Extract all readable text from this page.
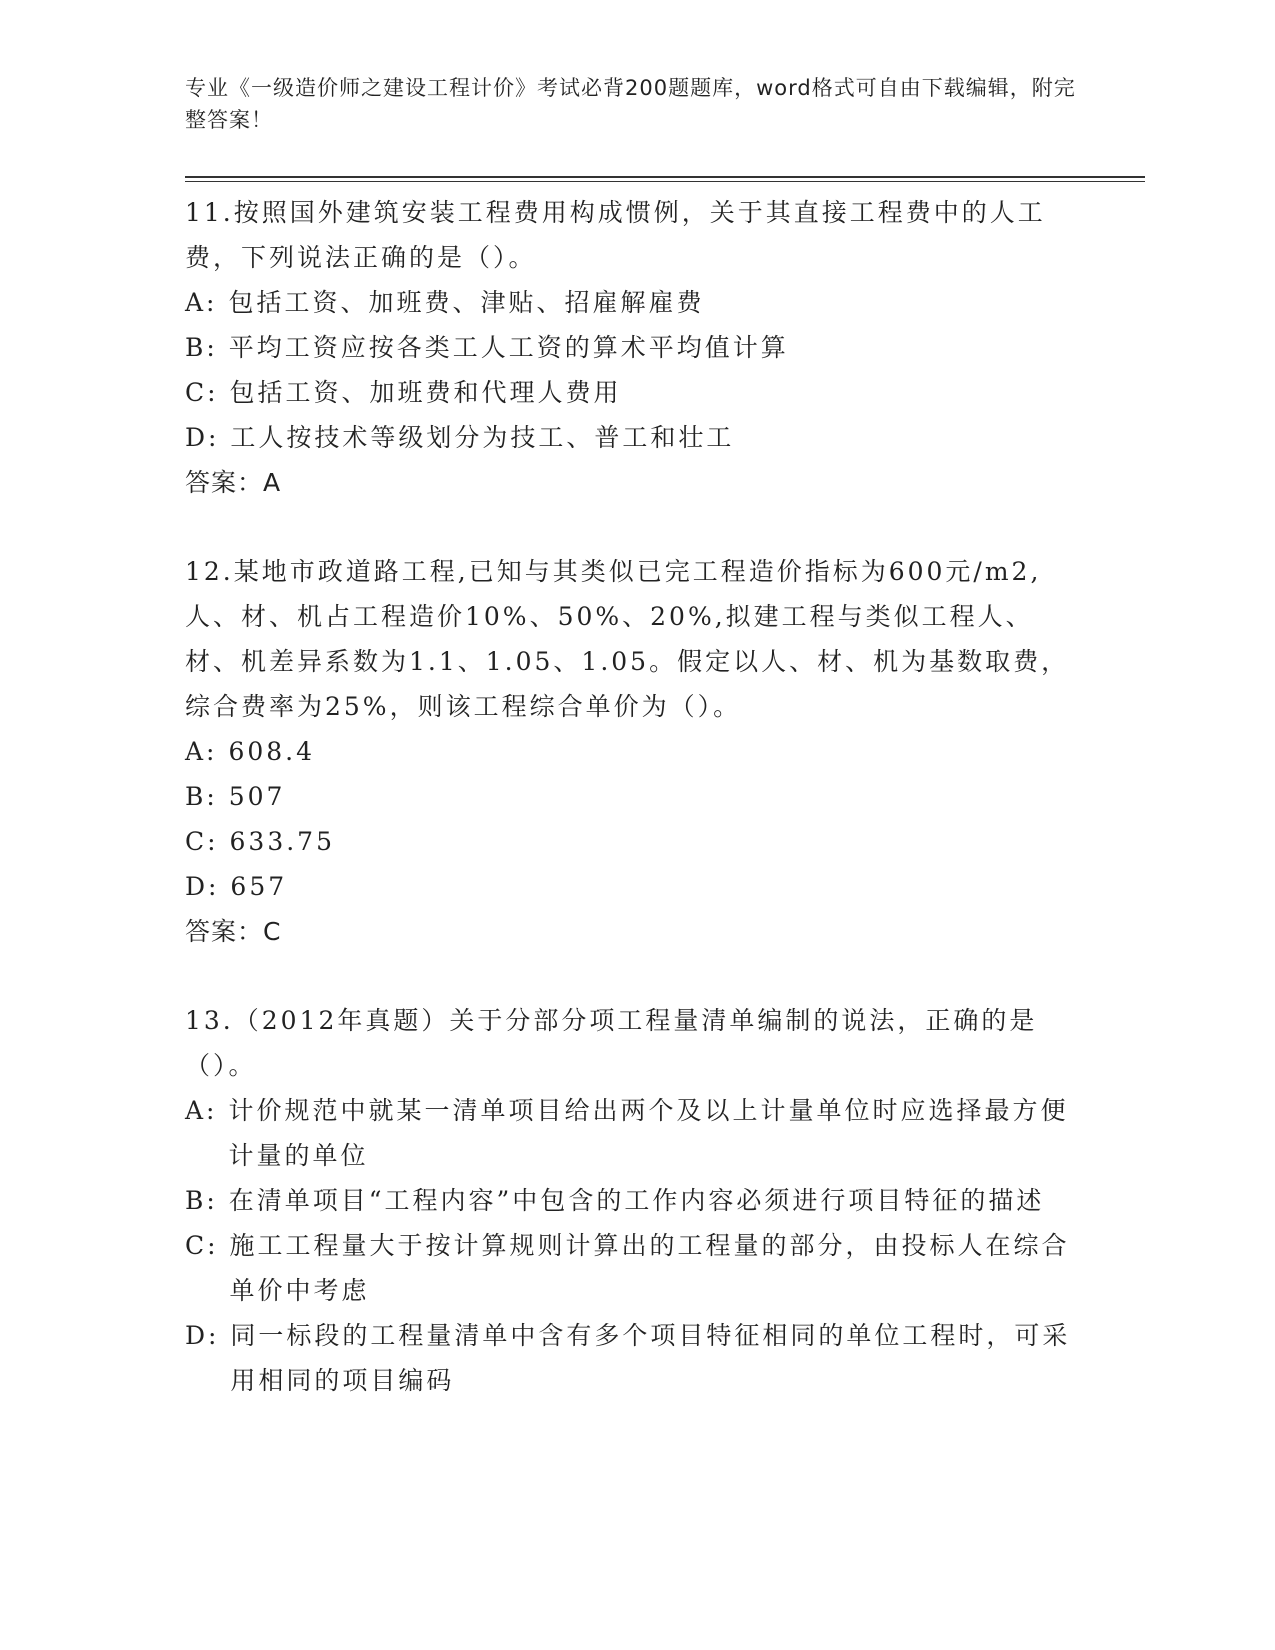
专业《一级造价师之建设工程计价》考试必背200题题库，word格式可自由下载编辑，附完整答案！
11.按照国外建筑安装工程费用构成惯例，关于其直接工程费中的人工费，下列说法正确的是（）。
A:
包括工资、加班费、津贴、招雇解雇费
B:
平均工资应按各类工人工资的算术平均值计算
C:
包括工资、加班费和代理人费用
D:
工人按技术等级划分为技工、普工和壮工
答案：A
12.某地市政道路工程,已知与其类似已完工程造价指标为600元/m2,人、材、机占工程造价10%、50%、20%,拟建工程与类似工程人、材、机差异系数为1.1、1.05、1.05。假定以人、材、机为基数取费，综合费率为25%，则该工程综合单价为（）。
A:
608.4
B:
507
C:
633.75
D:
657
答案：C
13.（2012年真题）关于分部分项工程量清单编制的说法，正确的是（）。
A:
计价规范中就某一清单项目给出两个及以上计量单位时应选择最方便计量的单位
B:
在清单项目“工程内容”中包含的工作内容必须进行项目特征的描述
C:
施工工程量大于按计算规则计算出的工程量的部分，由投标人在综合单价中考虑
D:
同一标段的工程量清单中含有多个项目特征相同的单位工程时，可采用相同的项目编码
